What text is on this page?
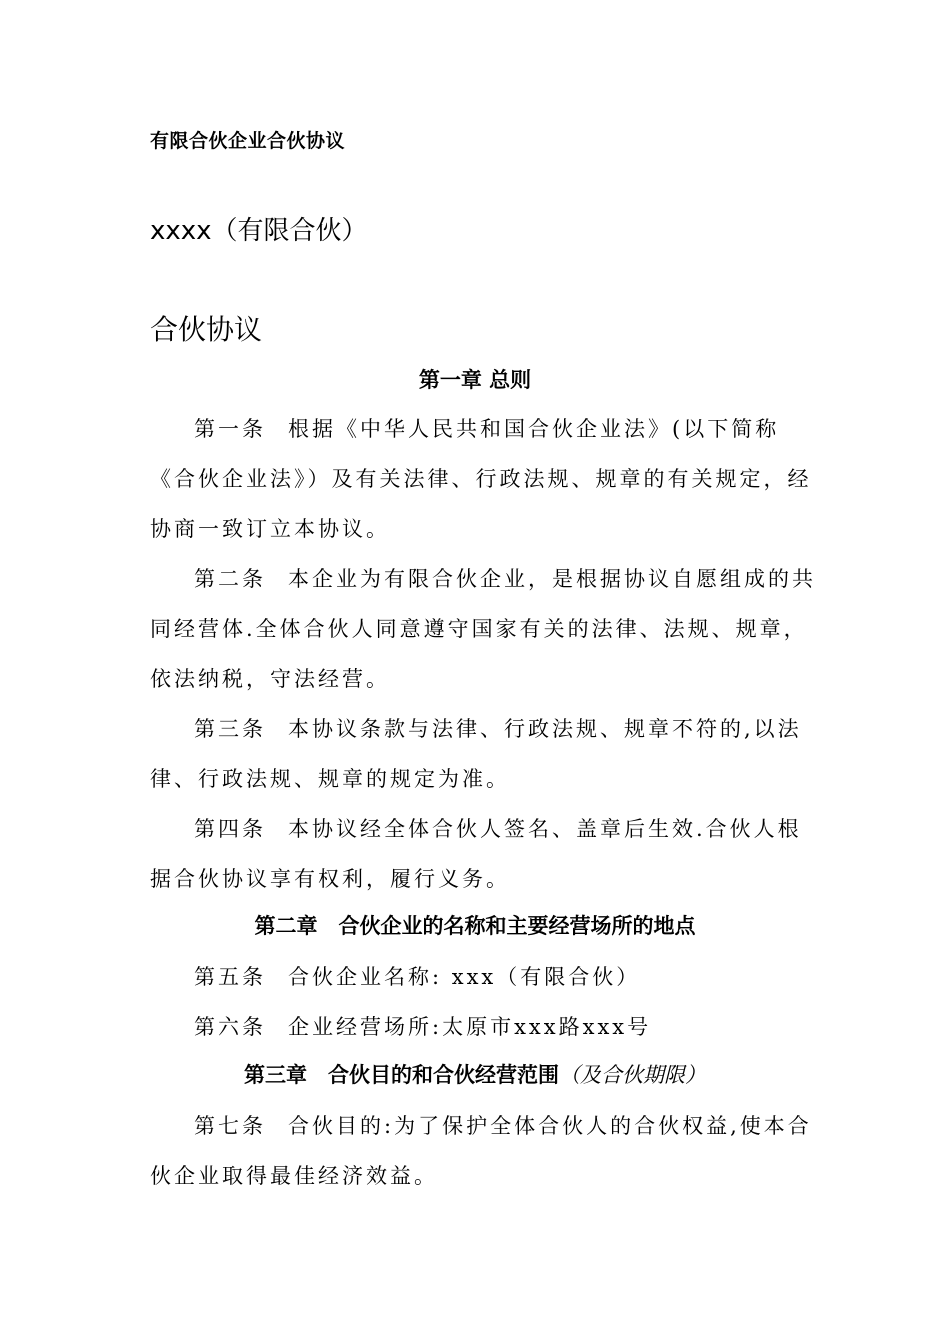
有限合伙企业合伙协议
xxxx（有限合伙）
合伙协议
第一章 总则
第一条 根据《中华人民共和国合伙企业法》(以下简称
《合伙企业法》）及有关法律、行政法规、规章的有关规定，经
协商一致订立本协议。
第二条 本企业为有限合伙企业，是根据协议自愿组成的共
同经营体.全体合伙人同意遵守国家有关的法律、法规、规章，
依法纳税，守法经营。
第三条 本协议条款与法律、行政法规、规章不符的,以法
律、行政法规、规章的规定为准。
第四条 本协议经全体合伙人签名、盖章后生效.合伙人根
据合伙协议享有权利，履行义务。
第二章　合伙企业的名称和主要经营场所的地点
第五条 合伙企业名称: xxx（有限合伙）
第六条 企业经营场所:太原市xxx路xxx号
第三章　合伙目的和合伙经营范围（及合伙期限）
第七条 合伙目的:为了保护全体合伙人的合伙权益,使本合
伙企业取得最佳经济效益。
